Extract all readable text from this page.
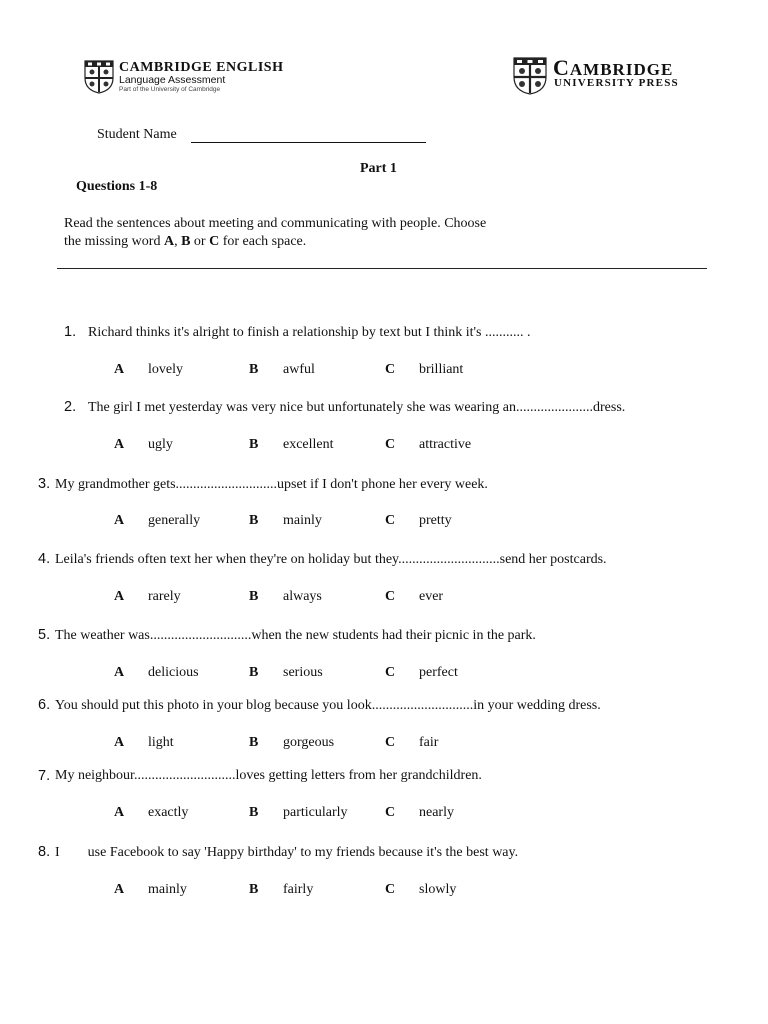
CAMBRIDGE ENGLISH
Language Assessment
Part of the University of Cambridge
CAMBRIDGE
UNIVERSITY PRESS
Student Name
Part 1
Questions 1-8
Read the sentences about meeting and communicating with people. Choose
the missing word A, B or C for each space.
1. Richard thinks it's alright to finish a relationship by text but I think it's ........... .
A lovely	B awful	C brilliant
2. The girl I met yesterday was very nice but unfortunately she was wearing an......................dress.
A ugly	B excellent	C attractive
3. My grandmother gets.............................upset if I don't phone her every week.
A generally	B mainly	C pretty
4. Leila's friends often text her when they're on holiday but they.............................send her postcards.
A rarely	B always	C ever
5. The weather was.............................when the new students had their picnic in the park.
A delicious	B serious	C perfect
6. You should put this photo in your blog because you look.............................in your wedding dress.
A light	B gorgeous	C fair
7. My neighbour.............................loves getting letters from her grandchildren.
A exactly	B particularly	C nearly
8. I        use Facebook to say 'Happy birthday' to my friends because it's the best way.
A mainly	B fairly	C slowly
